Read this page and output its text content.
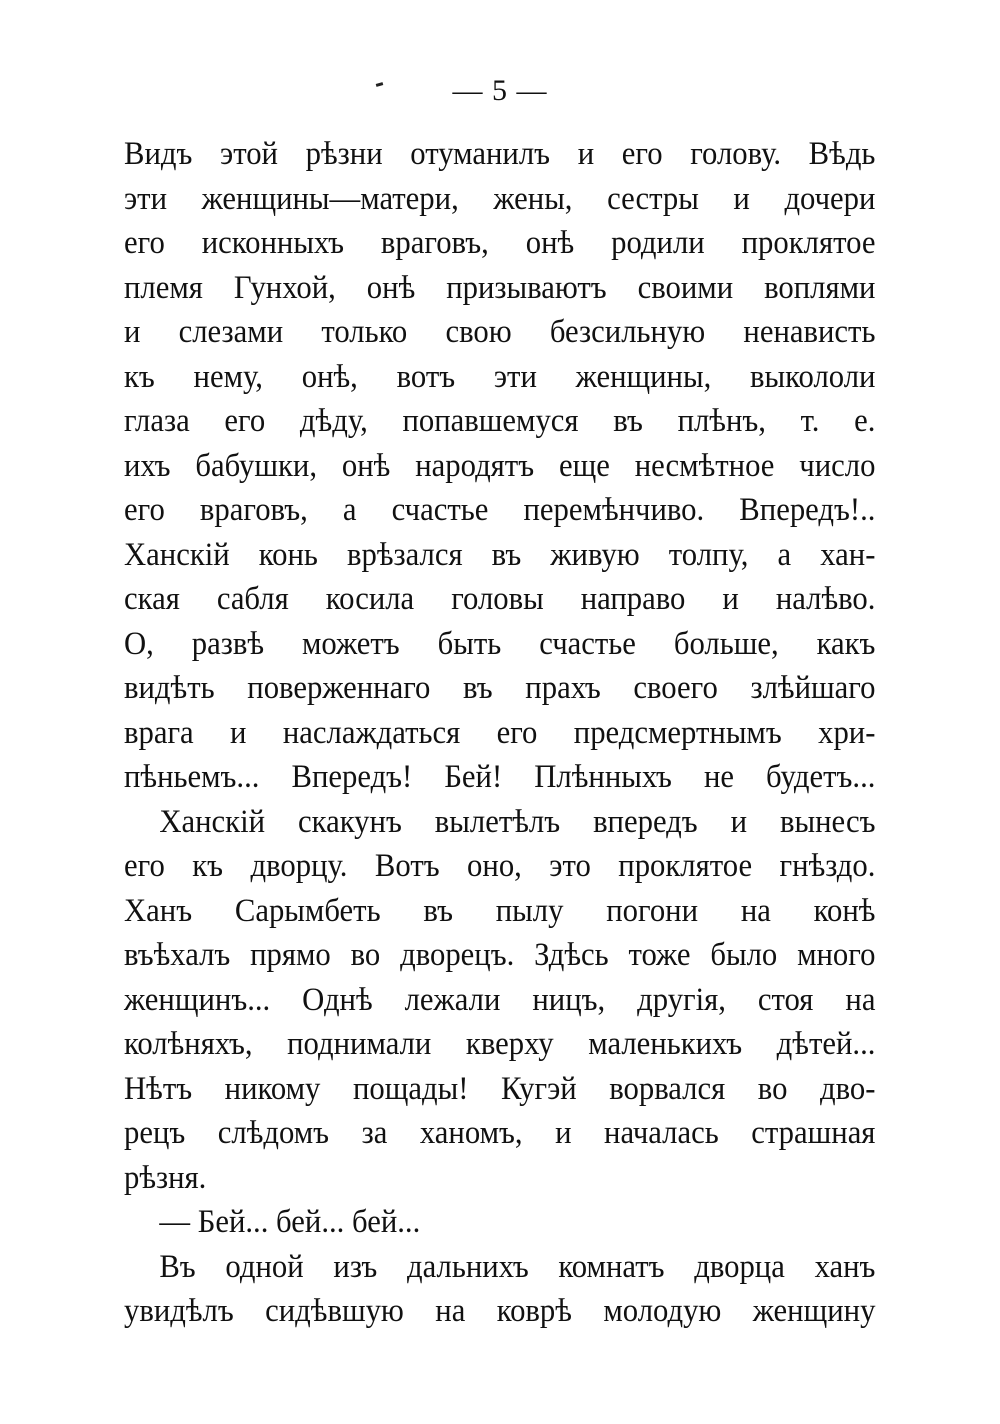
— 5 —
Видъ этой рѣзни отуманилъ и его голову. Вѣдь
эти женщины—матери, жены, сестры и дочери
его исконныхъ враговъ, онѣ родили проклятое
племя Гунхой, онѣ призываютъ своими воплями
и слезами только свою безсильную ненависть
къ нему, онѣ, вотъ эти женщины, выкололи
глаза его дѣду, попавшемуся въ плѣнъ, т. е.
ихъ бабушки, онѣ народятъ еще несмѣтное число
его враговъ, а счастье перемѣнчиво. Впередъ!..
Ханскій конь врѣзался въ живую толпу, а хан-
ская сабля косила головы направо и налѣво.
О, развѣ можетъ быть счастье больше, какъ
видѣть поверженнаго въ прахъ своего злѣйшаго
врага и наслаждаться его предсмертнымъ хри-
пѣньемъ... Впередъ! Бей! Плѣнныхъ не будетъ...
Ханскій скакунъ вылетѣлъ впередъ и вынесъ
его къ дворцу. Вотъ оно, это проклятое гнѣздо.
Ханъ Сарымбеть въ пылу погони на конѣ
въѣхалъ прямо во дворецъ. Здѣсь тоже было много
женщинъ... Однѣ лежали ницъ, другія, стоя на
колѣняхъ, поднимали кверху маленькихъ дѣтей...
Нѣтъ никому пощады! Кугэй ворвался во дво-
рецъ слѣдомъ за ханомъ, и началась страшная
рѣзня.
— Бей... бей... бей...
Въ одной изъ дальнихъ комнатъ дворца ханъ
увидѣлъ сидѣвшую на коврѣ молодую женщину
